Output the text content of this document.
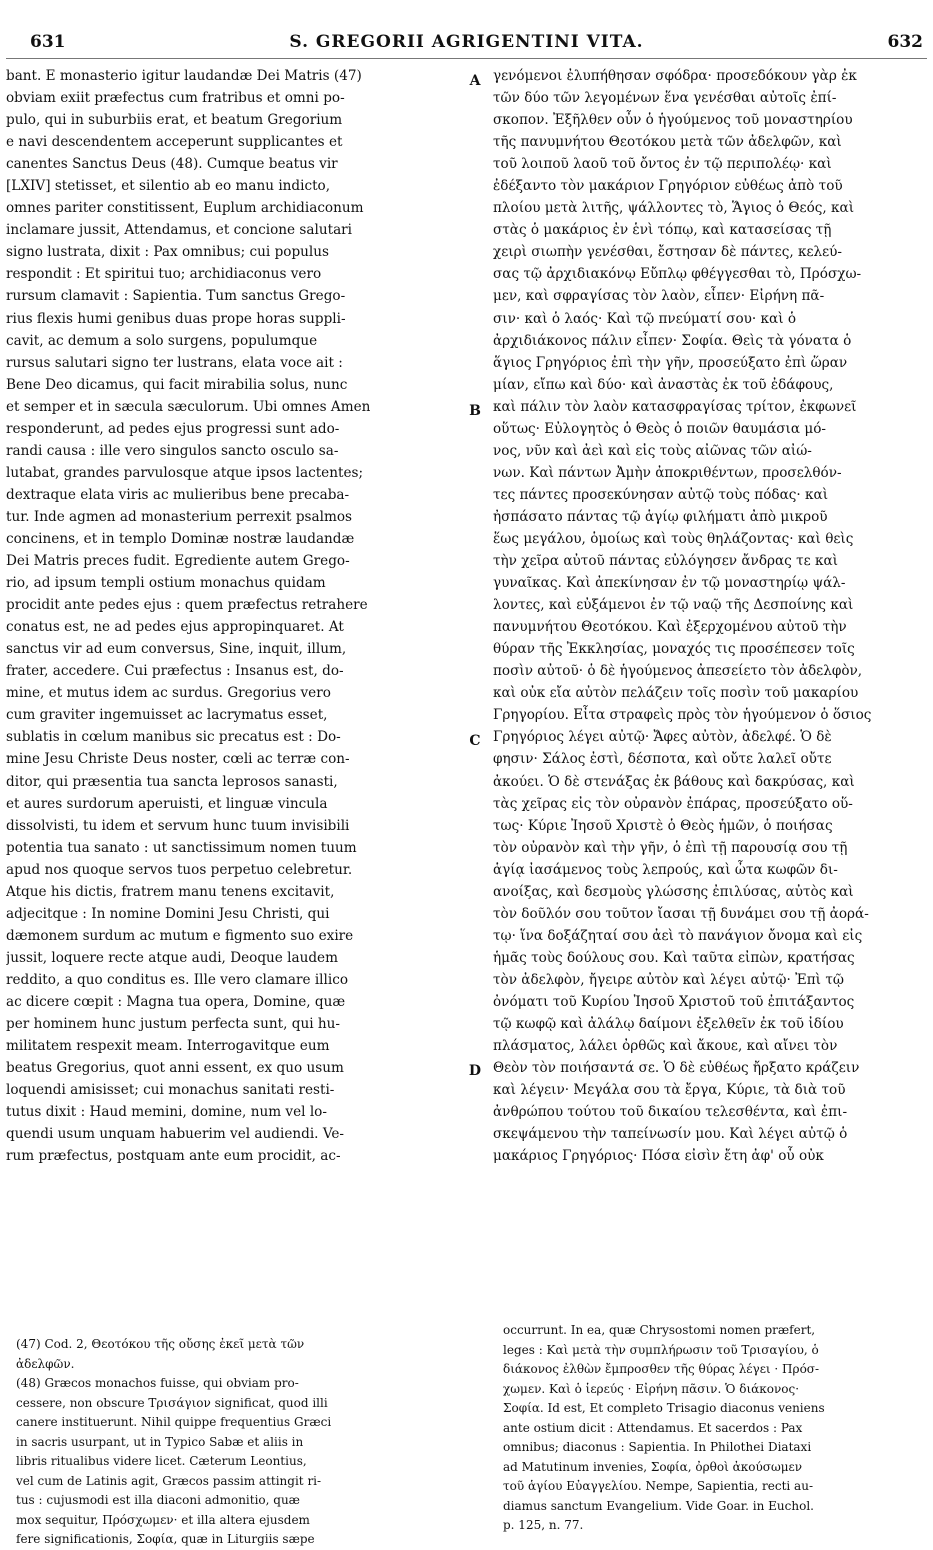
631	S. GREGORII AGRIGENTINI VITA.	632
bant. E monasterio igitur laudandæ Dei Matris (47)
obviam exiit præfectus cum fratribus et omni po-
pulo, qui in suburbiis erat, et beatum Gregorium
e navi descendentem acceperunt supplicantes et
canentes Sanctus Deus (48). Cumque beatus vir
[LXIV] stetisset, et silentio ab eo manu indicto,
omnes pariter constitissent, Euplum archidiaconum
inclamare jussit, Attendamus, et concione salutari
signo lustrata, dixit : Pax omnibus; cui populus
respondit : Et spiritui tuo; archidiaconus vero
rursum clamavit : Sapientia. Tum sanctus Grego-
rius flexis humi genibus duas prope horas suppli-
cavit, ac demum a solo surgens, populumque
rursus salutari signo ter lustrans, elata voce ait :
Bene Deo dicamus, qui facit mirabilia solus, nunc
et semper et in sæcula sæculorum. Ubi omnes Amen
responderunt, ad pedes ejus progressi sunt ado-
randi causa : ille vero singulos sancto osculo sa-
lutabat, grandes parvulosque atque ipsos lactentes;
dextraque elata viris ac mulieribus bene precaba-
tur. Inde agmen ad monasterium perrexit psalmos
concinens, et in templo Dominæ nostræ laudandæ
Dei Matris preces fudit. Egrediente autem Grego-
rio, ad ipsum templi ostium monachus quidam
procidit ante pedes ejus : quem præfectus retrahere
conatus est, ne ad pedes ejus appropinquaret. At
sanctus vir ad eum conversus, Sine, inquit, illum,
frater, accedere. Cui præfectus : Insanus est, do-
mine, et mutus idem ac surdus. Gregorius vero
cum graviter ingemuisset ac lacrymatus esset,
sublatis in cœlum manibus sic precatus est : Do-
mine Jesu Christe Deus noster, cœli ac terræ con-
ditor, qui præsentia tua sancta leprosos sanasti,
et aures surdorum aperuisti, et linguæ vincula
dissolvisti, tu idem et servum hunc tuum invisibili
potentia tua sanato : ut sanctissimum nomen tuum
apud nos quoque servos tuos perpetuo celebretur.
Atque his dictis, fratrem manu tenens excitavit,
adjecitque : In nomine Domini Jesu Christi, qui
dæmonem surdum ac mutum e figmento suo exire
jussit, loquere recte atque audi, Deoque laudem
reddito, a quo conditus es. Ille vero clamare illico
ac dicere cœpit : Magna tua opera, Domine, quæ
per hominem hunc justum perfecta sunt, qui hu-
militatem respexit meam. Interrogavitque eum
beatus Gregorius, quot anni essent, ex quo usum
loquendi amisisset; cui monachus sanitati resti-
tutus dixit : Haud memini, domine, num vel lo-
quendi usum unquam habuerim vel audiendi. Ve-
rum præfectus, postquam ante eum procidit, ac-
γενόμενοι ἐλυπήθησαν σφόδρα· προσεδόκουν γὰρ ἐκ
τῶν δύο τῶν λεγομένων ἕνα γενέσθαι αὐτοῖς ἐπί-
σκοπον. Ἐξῆλθεν οὖν ὁ ἡγούμενος τοῦ μοναστηρίου
τῆς πανυμνήτου Θεοτόκου μετὰ τῶν ἀδελφῶν, καὶ
τοῦ λοιποῦ λαοῦ τοῦ ὄντος ἐν τῷ περιπολέῳ· καὶ
ἐδέξαντο τὸν μακάριον Γρηγόριον εὐθέως ἀπὸ τοῦ
πλοίου μετὰ λιτῆς, ψάλλοντες τὸ, Ἅγιος ὁ Θεός, καὶ
στὰς ὁ μακάριος ἐν ἑνὶ τόπῳ, καὶ κατασείσας τῇ
χειρὶ σιωπὴν γενέσθαι, ἔστησαν δὲ πάντες, κελεύ-
σας τῷ ἀρχιδιακόνῳ Εὔπλῳ φθέγγεσθαι τὸ, Πρόσχω-
μεν, καὶ σφραγίσας τὸν λαὸν, εἶπεν· Εἰρήνη πᾶ-
σιν· καὶ ὁ λαός· Καὶ τῷ πνεύματί σου· καὶ ὁ
ἀρχιδιάκονος πάλιν εἶπεν· Σοφία. Θεὶς τὰ γόνατα ὁ
ἅγιος Γρηγόριος ἐπὶ τὴν γῆν, προσεύξατο ἐπὶ ὥραν
μίαν, εἴπω καὶ δύο· καὶ ἀναστὰς ἐκ τοῦ ἐδάφους,
καὶ πάλιν τὸν λαὸν κατασφραγίσας τρίτον, ἐκφωνεῖ
οὕτως· Εὐλογητὸς ὁ Θεὸς ὁ ποιῶν θαυμάσια μό-
νος, νῦν καὶ ἀεὶ καὶ εἰς τοὺς αἰῶνας τῶν αἰώ-
νων. Καὶ πάντων Ἀμὴν ἀποκριθέντων, προσελθόν-
τες πάντες προσεκύνησαν αὐτῷ τοὺς πόδας· καὶ
ἠσπάσατο πάντας τῷ ἁγίῳ φιλήματι ἀπὸ μικροῦ
ἕως μεγάλου, ὁμοίως καὶ τοὺς θηλάζοντας· καὶ θεὶς
τὴν χεῖρα αὐτοῦ πάντας εὐλόγησεν ἄνδρας τε καὶ
γυναῖκας. Καὶ ἀπεκίνησαν ἐν τῷ μοναστηρίῳ ψάλ-
λοντες, καὶ εὐξάμενοι ἐν τῷ ναῷ τῆς Δεσποίνης καὶ
πανυμνήτου Θεοτόκου. Καὶ ἐξερχομένου αὐτοῦ τὴν
θύραν τῆς Ἐκκλησίας, μοναχός τις προσέπεσεν τοῖς
ποσὶν αὐτοῦ· ὁ δὲ ἡγούμενος ἀπεσείετο τὸν ἀδελφὸν,
καὶ οὐκ εἴα αὐτὸν πελάζειν τοῖς ποσὶν τοῦ μακαρίου
Γρηγορίου. Εἶτα στραφεὶς πρὸς τὸν ἡγούμενον ὁ ὅσιος
Γρηγόριος λέγει αὐτῷ· Ἄφες αὐτὸν, ἀδελφέ. Ὁ δὲ
φησιν· Σάλος ἐστὶ, δέσποτα, καὶ οὔτε λαλεῖ οὔτε
ἀκούει. Ὁ δὲ στενάξας ἐκ βάθους καὶ δακρύσας, καὶ
τὰς χεῖρας εἰς τὸν οὐρανὸν ἐπάρας, προσεύξατο οὕ-
τως· Κύριε Ἰησοῦ Χριστὲ ὁ Θεὸς ἡμῶν, ὁ ποιήσας
τὸν οὐρανὸν καὶ τὴν γῆν, ὁ ἐπὶ τῇ παρουσίᾳ σου τῇ
ἁγίᾳ ἰασάμενος τοὺς λεπρούς, καὶ ὦτα κωφῶν δι-
ανοίξας, καὶ δεσμοὺς γλώσσης ἐπιλύσας, αὐτὸς καὶ
τὸν δοῦλόν σου τοῦτον ἴασαι τῇ δυνάμει σου τῇ ἀορά-
τῳ· ἵνα δοξάζηταί σου ἀεὶ τὸ πανάγιον ὄνομα καὶ εἰς
ἡμᾶς τοὺς δούλους σου. Καὶ ταῦτα εἰπὼν, κρατήσας
τὸν ἀδελφὸν, ἤγειρε αὐτὸν καὶ λέγει αὐτῷ· Ἐπὶ τῷ
ὀνόματι τοῦ Κυρίου Ἰησοῦ Χριστοῦ τοῦ ἐπιτάξαντος
τῷ κωφῷ καὶ ἀλάλῳ δαίμονι ἐξελθεῖν ἐκ τοῦ ἰδίου
πλάσματος, λάλει ὀρθῶς καὶ ἄκουε, καὶ αἴνει τὸν
Θεὸν τὸν ποιήσαντά σε. Ὁ δὲ εὐθέως ἤρξατο κράζειν
καὶ λέγειν· Μεγάλα σου τὰ ἔργα, Κύριε, τὰ διὰ τοῦ
ἀνθρώπου τούτου τοῦ δικαίου τελεσθέντα, καὶ ἐπι-
σκεψάμενου τὴν ταπείνωσίν μου. Καὶ λέγει αὐτῷ ὁ
μακάριος Γρηγόριος· Πόσα εἰσὶν ἔτη ἀφ' οὗ οὐκ
A
B
C
D
(47) Cod. 2, Θεοτόκου τῆς οὔσης ἐκεῖ μετὰ τῶν
ἀδελφῶν.
(48) Græcos monachos fuisse, qui obviam pro-
cessere, non obscure Τρισάγιον significat, quod illi
canere instituerunt. Nihil quippe frequentius Græci
in sacris usurpant, ut in Typico Sabæ et aliis in
libris ritualibus videre licet. Cæterum Leontius,
vel cum de Latinis agit, Græcos passim attingit ri-
tus : cujusmodi est illa diaconi admonitio, quæ
mox sequitur, Πρόσχωμεν· et illa altera ejusdem
fere significationis, Σοφία, quæ in Liturgiis sæpe
occurrunt. In ea, quæ Chrysostomi nomen præfert,
leges : Καὶ μετὰ τὴν συμπλήρωσιν τοῦ Τρισαγίου, ὁ
διάκονος ἐλθὼν ἔμπροσθεν τῆς θύρας λέγει · Πρόσ-
χωμεν. Καὶ ὁ ἱερεύς · Εἰρήνη πᾶσιν. Ὁ διάκονος·
Σοφία. Id est, Et completo Trisagio diaconus veniens
ante ostium dicit : Attendamus. Et sacerdos : Pax
omnibus; diaconus : Sapientia. In Philothei Diataxi
ad Matutinum invenies, Σοφία, ὀρθοὶ ἀκούσωμεν
τοῦ ἁγίου Εὐαγγελίου. Nempe, Sapientia, recti au-
diamus sanctum Evangelium. Vide Goar. in Euchol.
p. 125, n. 77.
